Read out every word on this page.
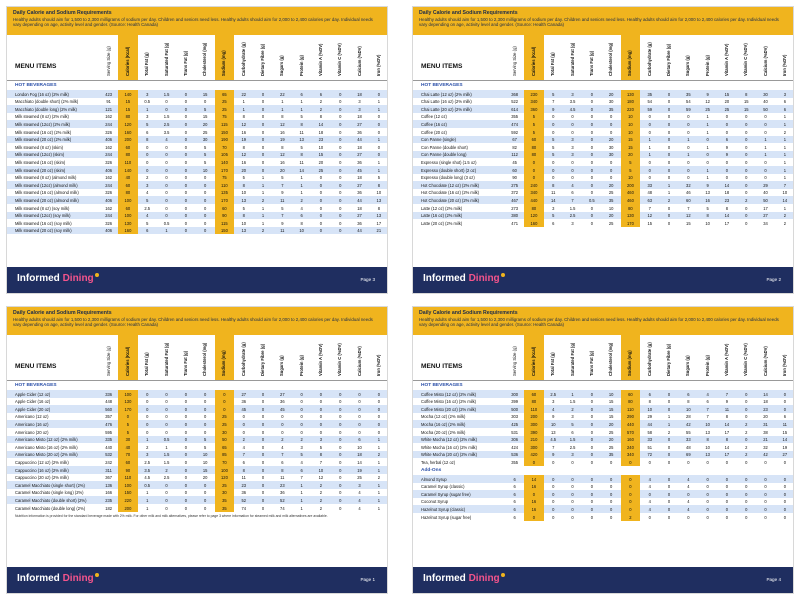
Daily Calorie and Sodium Requirements
Healthy adults should aim for 1,500 to 2,300 milligrams of sodium per day. Children and seniors need less. Healthy adults should aim for 2,000 to 2,400 calories per day. Individual needs vary depending on age, activity level and gender. (Source: Health Canada)
MENU ITEMS	Serving Size (g)	Calories (Kcal)	Total Fat (g)	Saturated Fat (g)	Trans Fat (g)	Cholesterol (mg)	Sodium (mg)	Carbohydrate (g)	Dietary Fibre (g)	Sugars (g)	Protein (g)	Vitamin A (%DV)	Vitamin C (%DV)	Calcium (%DV)	Iron (%DV)
HOT BEVERAGES
London Fog (16 oz) (2% milk)	423	140	3	1.5	0	15	65	22	0	22	6	6	0	18	0
Macchiato (double short) (2% milk)	91	15	0.5	0	0	0	25	1	0	1	1	2	0	3	1
Macchiato (double long) (2% milk)	121	15	1	0	0	5	25	1	0	1	1	2	0	3	1
Milk steamed (8 oz) (2% milk)	162	80	3	1.5	0	15	75	8	0	8	5	8	0	18	0
Milk steamed (12oz) (2% milk)	244	120	5	2.5	0	20	115	12	0	12	8	14	0	27	0
Milk steamed (16 oz) (2% milk)	326	160	6	3.5	0	25	150	16	0	16	11	18	0	36	0
Milk steamed (20 oz) (2% milk)	406	200	8	4	0	30	190	19	0	19	13	23	0	44	1
Milk steamed (8 oz) (skim)	162	60	0	0	0	5	70	8	0	8	5	10	0	18	0
Milk steamed (12oz) (skim)	244	80	0	0	0	5	105	12	0	12	8	15	0	27	0
Milk steamed (16 oz) (skim)	326	110	0	0	0	5	140	16	0	16	11	20	0	36	1
Milk steamed (20 oz) (skim)	406	140	0	0	0	10	170	20	0	20	14	25	0	45	1
Milk steamed (8 oz) (almond milk)	162	40	2	0	0	0	75	5	1	5	1	0	0	18	5
Milk steamed (12oz) (almond milk)	244	60	3	0	0	0	110	8	1	7	1	0	0	27	8
Milk steamed (16 oz) (almond milk)	326	80	4	0	0	0	135	10	1	9	1	0	0	36	10
Milk steamed (20 oz) (almond milk)	406	100	5	0	0	0	170	13	2	11	2	0	0	44	13
Milk steamed (8 oz) (soy milk)	162	60	2.5	0	0	0	60	5	1	5	4	0	0	18	8
Milk steamed (12oz) (soy milk)	244	100	4	0	0	0	90	8	1	7	6	0	0	27	13
Milk steamed (16 oz) (soy milk)	326	130	5	0.5	0	0	115	10	1	9	8	0	0	36	17
Milk steamed (20 oz) (soy milk)	406	160	6	1	0	0	150	13	2	11	10	0	0	44	21
Informed Dining	Page 3
Daily Calorie and Sodium Requirements
Healthy adults should aim for 1,500 to 2,300 milligrams of sodium per day. Children and seniors need less. Healthy adults should aim for 2,000 to 2,400 calories per day. Individual needs vary depending on age, activity level and gender. (Source: Health Canada)
MENU ITEMS	Serving Size (g)	Calories (Kcal)	Total Fat (g)	Saturated Fat (g)	Trans Fat (g)	Cholesterol (mg)	Sodium (mg)	Carbohydrate (g)	Dietary Fibre (g)	Sugars (g)	Protein (g)	Vitamin A (%DV)	Vitamin C (%DV)	Calcium (%DV)	Iron (%DV)
HOT BEVERAGES
Chai Latte (12 oz) (2% milk)	368	230	5	3	0	20	130	35	0	35	9	15	8	30	3
Chai Latte (16 oz) (2% milk)	522	340	7	3.5	0	30	180	54	0	54	12	20	15	40	6
Chai Latte (20 oz) (2% milk)	614	360	9	4.5	0	35	220	59	0	59	25	25	15	50	6
Coffee (12 oz)	355	5	0	0	0	0	10	0	0	0	1	0	0	0	1
Coffee (16 oz)	474	5	0	0	0	0	10	0	0	0	1	0	0	0	1
Coffee (20 oz)	592	5	0	0	0	0	10	0	0	0	1	0	0	0	2
Con Panne (single)	67	60	5	3	0	20	15	1	0	1	0	6	0	1	1
Con Panne (double short)	82	80	5	3	0	30	15	1	0	0	1	9	0	1	1
Con Panne (double long)	112	80	5	3	0	30	20	1	0	1	0	9	0	1	1
Expresso (single shot) (1.5 oz)	45	0	0	0	0	0	5	0	0	0	0	0	0	0	1
Expresso (double short) (2 oz)	60	0	0	0	0	0	5	0	0	0	1	0	0	0	1
Expresso (double long) (3 oz)	90	0	0	0	0	0	10	0	0	0	1	0	0	0	1
Hot Chocolate (12 oz) (2% milk)	275	240	8	4	0	20	200	33	1	32	9	14	0	29	7
Hot Chocolate (16 oz) (2% milk)	372	340	11	6	0	25	460	48	1	46	13	18	0	40	10
Hot Chocolate (20 oz) (2% milk)	467	440	14	7	0.5	35	460	63	2	60	16	23	2	50	14
Latte (12 oz) (2% milk)	273	80	3	1.5	0	10	80	7	0	7	5	8	0	17	1
Latte (16 oz) (2% milk)	380	120	5	2.5	0	20	130	12	0	12	8	14	0	27	2
Latte (20 oz) (2% milk)	471	160	6	3	0	25	170	15	0	15	10	17	0	34	2
Informed Dining	Page 2
Daily Calorie and Sodium Requirements
Healthy adults should aim for 1,500 to 2,300 milligrams of sodium per day. Children and seniors need less. Healthy adults should aim for 2,000 to 2,400 calories per day. Individual needs vary depending on age, activity level and gender. (Source: Health Canada)
MENU ITEMS	Serving Size (g)	Calories (Kcal)	Total Fat (g)	Saturated Fat (g)	Trans Fat (g)	Cholesterol (mg)	Sodium (mg)	Carbohydrate (g)	Dietary Fibre (g)	Sugars (g)	Protein (g)	Vitamin A (%DV)	Vitamin C (%DV)	Calcium (%DV)	Iron (%DV)
HOT BEVERAGES
Apple Cider (12 oz)	336	100	0	0	0	0	0	27	0	27	0	0	0	0	0
Apple Cider (16 oz)	448	130	0	0	0	0	0	36	0	36	0	0	0	0	0
Apple Cider (20 oz)	560	170	0	0	0	0	0	45	0	45	0	0	0	0	0
Americano (12 oz)	357	0	0	0	0	0	25	0	0	0	0	0	0	0	0
Americano (16 oz)	476	5	0	0	0	0	25	0	0	0	0	0	0	0	0
Americano (20 oz)	595	5	0	0	0	0	30	0	0	0	0	0	0	0	0
Americano Misto (12 oz) (2% milk)	335	30	1	0.5	0	5	50	2	0	2	2	3	0	6	1
Americano Misto (16 oz) (2% milk)	440	40	2	1	0	5	65	4	0	4	3	5	0	10	1
Americano Misto (20 oz) (2% milk)	532	70	3	1.5	0	10	85	7	0	7	5	8	0	18	2
Cappuccino (12 oz) (2% milk)	242	60	2.5	1.5	0	10	70	6	0	6	4	7	0	14	1
Cappuccino (16 oz) (2% milk)	311	90	3.5	2	0	15	100	8	0	8	6	10	0	19	1
Cappuccino (20 oz) (2% milk)	367	110	4.5	2.5	0	20	120	11	0	11	7	12	0	25	2
Caramel Macchiato (single short) (2%)	136	100	0.5	0	0	0	25	23	0	23	1	2	0	3	1
Caramel Macchiato (single long) (2%)	166	150	1	0	0	0	30	36	0	36	1	2	0	4	1
Caramel Macchiato (double short) (2%)	235	220	1	0	0	0	35	52	0	52	1	2	0	4	1
Caramel Macchiato (double long) (2%)	182	200	1	0	0	0	35	74	0	74	1	2	0	4	1
Nutrition information is provided for the standard beverage made with 2% milk. For other milk and milk alternatives, please refer to page 3 where information for steamed milk and milk alternatives are available.
Informed Dining	Page 1
Daily Calorie and Sodium Requirements
Healthy adults should aim for 1,500 to 2,300 milligrams of sodium per day. Children and seniors need less. Healthy adults should aim for 2,000 to 2,400 calories per day. Individual needs vary depending on age, activity level and gender. (Source: Health Canada)
MENU ITEMS	Serving Size (g)	Calories (Kcal)	Total Fat (g)	Saturated Fat (g)	Trans Fat (g)	Cholesterol (mg)	Sodium (mg)	Carbohydrate (g)	Dietary Fibre (g)	Sugars (g)	Protein (g)	Vitamin A (%DV)	Vitamin C (%DV)	Calcium (%DV)	Iron (%DV)
HOT BEVERAGES
Coffee Misto (12 oz) (2% milk)	300	60	2.5	1	0	10	60	6	0	6	4	7	0	14	0
Coffee Misto (16 oz) (2% milk)	399	80	3	1.5	0	15	80	8	0	8	6	9	0	18	0
Coffee Misto (20 oz) (2% milk)	500	110	4	2	0	15	110	10	0	10	7	11	0	23	0
Mocha (12 oz) (2% milk)	303	200	9	3	0	15	290	29	1	28	7	8	0	20	6
Mocha (16 oz) (2% milk)	425	300	10	5	0	20	440	44	1	42	10	14	2	31	11
Mocha (20 oz) (2% milk)	531	390	13	6	0	25	570	58	2	55	13	17	2	38	15
White Mocha (12 oz) (2% milk)	306	210	4.5	1.5	0	20	160	33	0	33	8	8	0	21	14
White Mocha (16 oz) (2% milk)	424	300	7	2.5	0	25	240	51	0	48	10	14	2	32	19
White Mocha (20 oz) (2% milk)	536	420	9	3	0	35	340	72	0	69	13	17	2	42	27
Tea, herbal (12 oz)	355	0	0	0	0	0	0	0	0	0	0	0	0	0	0
Add-Ons
Almond Syrup	6	14	0	0	0	0	0	4	0	4	0	0	0	0	0
Caramel Syrup (classic)	6	16	0	0	0	0	0	4	0	4	0	0	0	0	0
Caramel Syrup (sugar free)	6	0	0	0	0	0	0	0	0	0	0	0	0	0	0
Coconut Syrup	6	16	0	0	0	0	0	4	0	4	0	0	0	0	0
Hazelnut Syrup (classic)	6	16	0	0	0	0	0	4	0	4	0	0	0	0	0
Hazelnut Syrup (sugar free)	6	0	0	0	0	0	2	0	0	0	0	0	0	0	0
Informed Dining	Page 4
